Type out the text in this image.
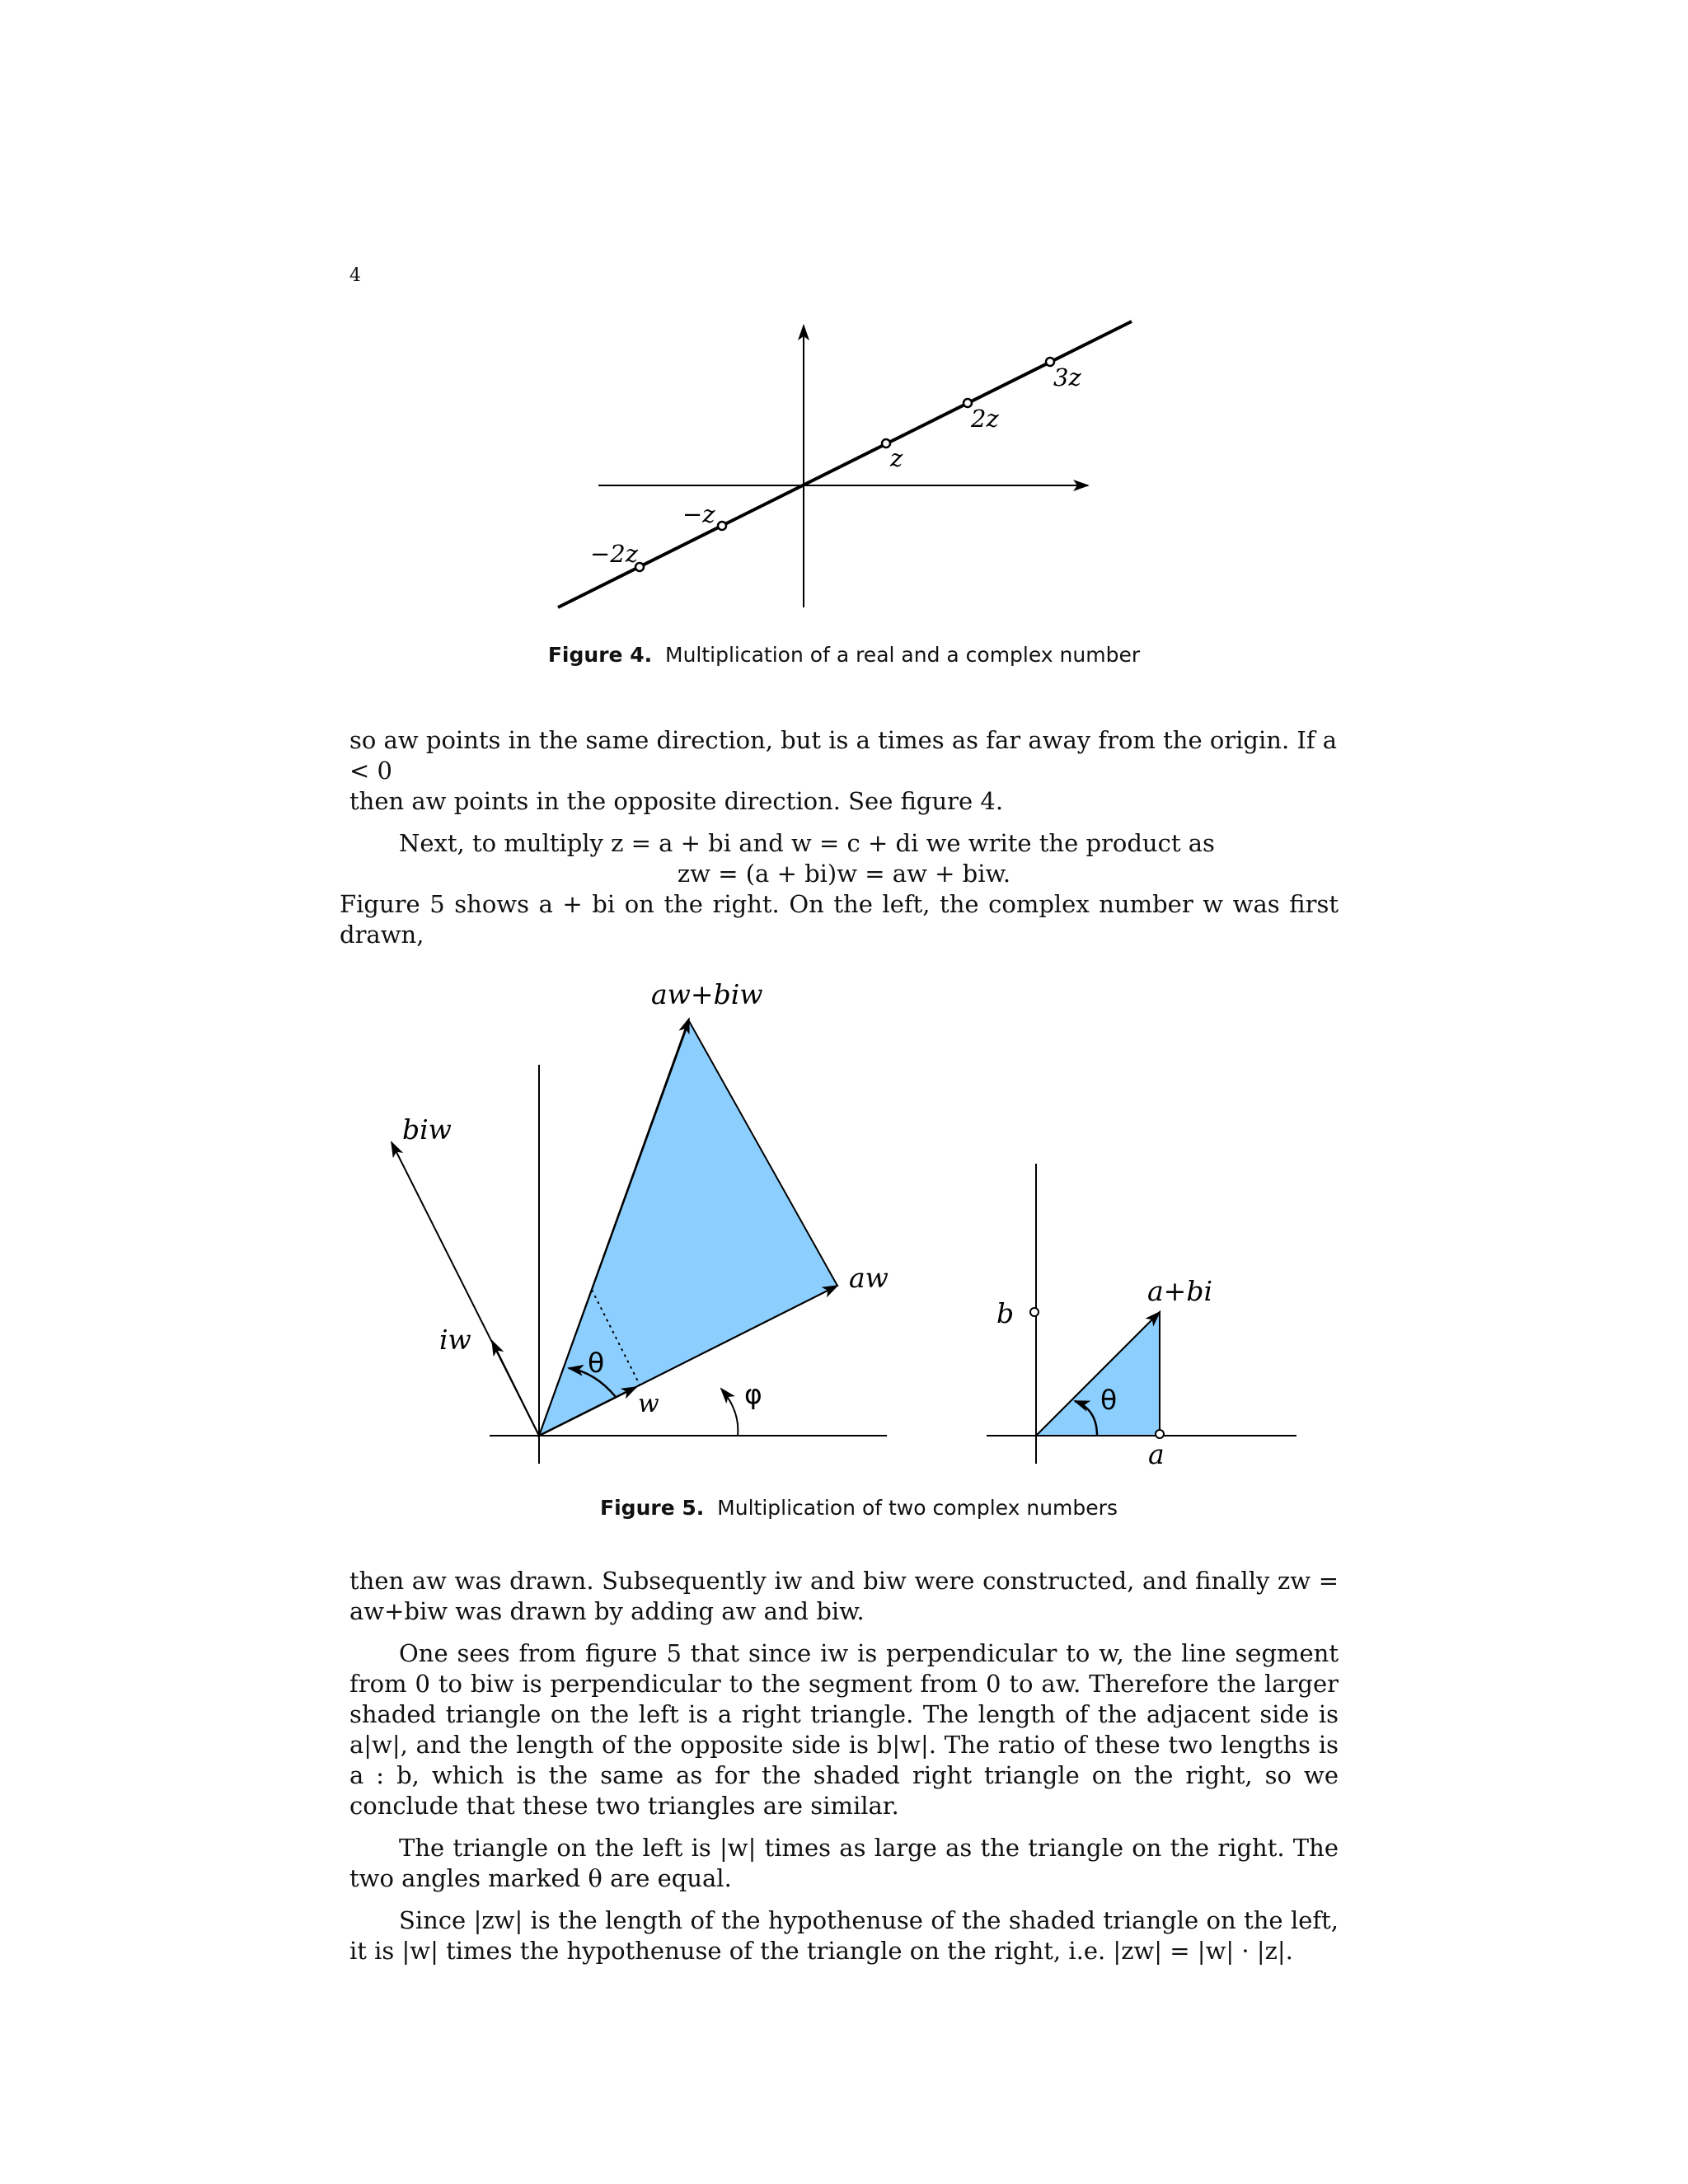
4
−2z
−z
z
2z
3z
Figure 4. Multiplication of a real and a complex number

so aw points in the same direction, but is a times as far away from the origin. If a < 0
then aw points in the opposite direction. See figure 4.

Next, to multiply z = a + bi and w = c + di we write the product as

zw = (a + bi)w = aw + biw.

Figure 5 shows a + bi on the right. On the left, the complex number w was first drawn,

aw+biw
biw
iw
aw
w
θ
φ
b
a+bi
θ
a
Figure 5. Multiplication of two complex numbers

then aw was drawn. Subsequently iw and biw were constructed, and finally zw = aw+biw was drawn by adding aw and biw.

One sees from figure 5 that since iw is perpendicular to w, the line segment from 0 to biw is perpendicular to the segment from 0 to aw. Therefore the larger shaded triangle on the left is a right triangle. The length of the adjacent side is a|w|, and the length of the opposite side is b|w|. The ratio of these two lengths is a : b, which is the same as for the shaded right triangle on the right, so we conclude that these two triangles are similar.

The triangle on the left is |w| times as large as the triangle on the right. The two angles marked θ are equal.

Since |zw| is the length of the hypothenuse of the shaded triangle on the left, it is |w| times the hypothenuse of the triangle on the right, i.e. |zw| = |w| · |z|.
